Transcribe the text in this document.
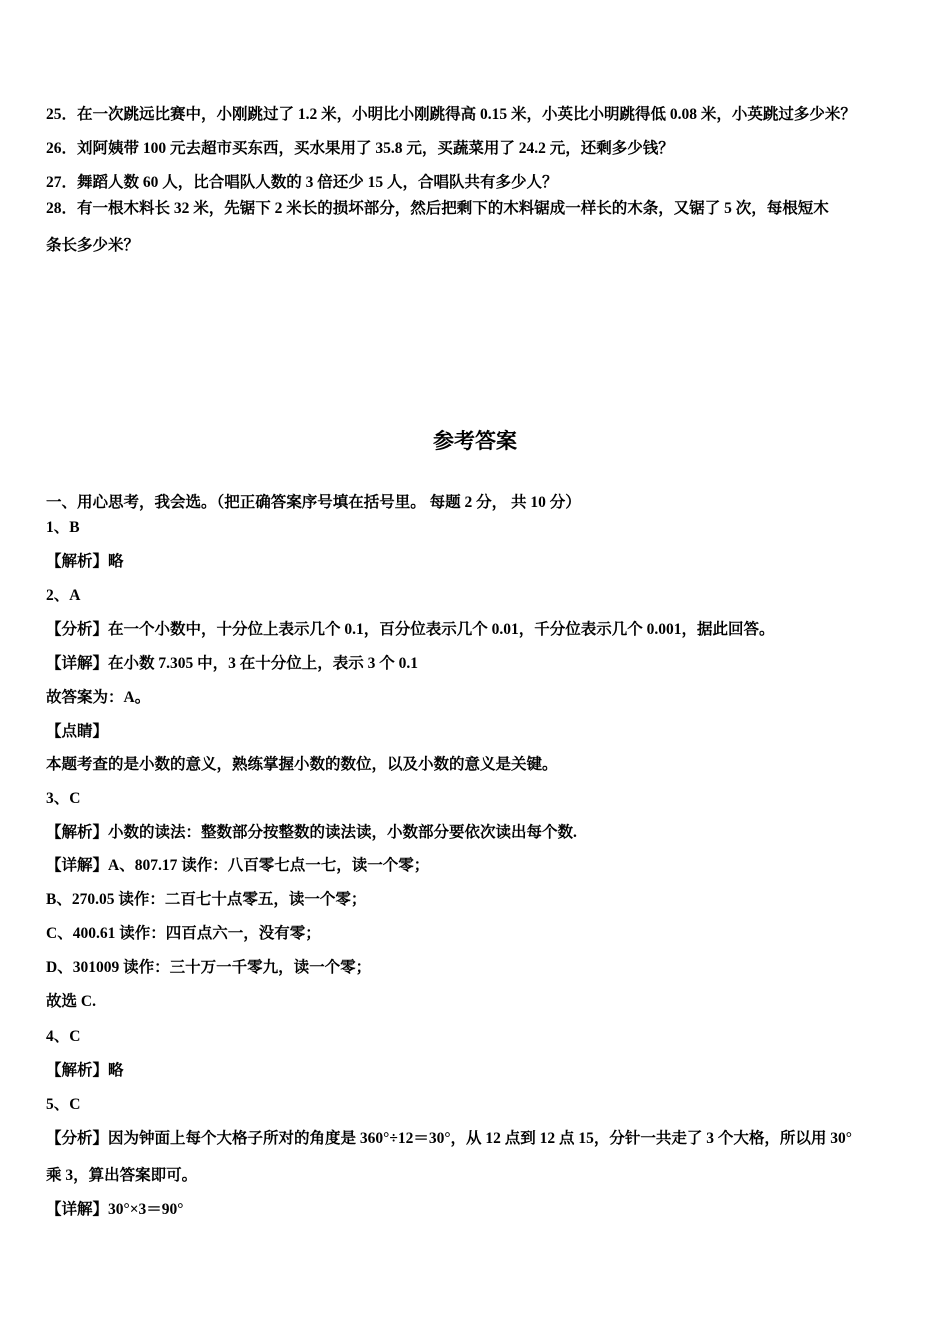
25．在一次跳远比赛中，小刚跳过了 1.2 米，小明比小刚跳得高 0.15 米，小英比小明跳得低 0.08 米，小英跳过多少米？
26．刘阿姨带 100 元去超市买东西，买水果用了 35.8 元，买蔬菜用了 24.2 元，还剩多少钱？
27．舞蹈人数 60 人，比合唱队人数的 3 倍还少 15 人，合唱队共有多少人？
28．有一根木料长 32 米，先锯下 2 米长的损坏部分，然后把剩下的木料锯成一样长的木条，又锯了 5 次，每根短木
条长多少米？
参考答案
一、用心思考，我会选。（把正确答案序号填在括号里。 每题 2 分， 共 10 分）
1、B
【解析】略
2、A
【分析】在一个小数中，十分位上表示几个 0.1，百分位表示几个 0.01，千分位表示几个 0.001，据此回答。
【详解】在小数 7.305 中，3 在十分位上，表示 3 个 0.1
故答案为：A。
【点睛】
本题考查的是小数的意义，熟练掌握小数的数位，以及小数的意义是关键。
3、C
【解析】小数的读法：整数部分按整数的读法读，小数部分要依次读出每个数.
【详解】A、807.17 读作：八百零七点一七，读一个零；
B、270.05 读作：二百七十点零五，读一个零；
C、400.61 读作：四百点六一，没有零；
D、301009 读作：三十万一千零九，读一个零；
故选 C.
4、C
【解析】略
5、C
【分析】因为钟面上每个大格子所对的角度是 360°÷12＝30°，从 12 点到 12 点 15，分针一共走了 3 个大格，所以用 30°
乘 3，算出答案即可。
【详解】30°×3＝90°
